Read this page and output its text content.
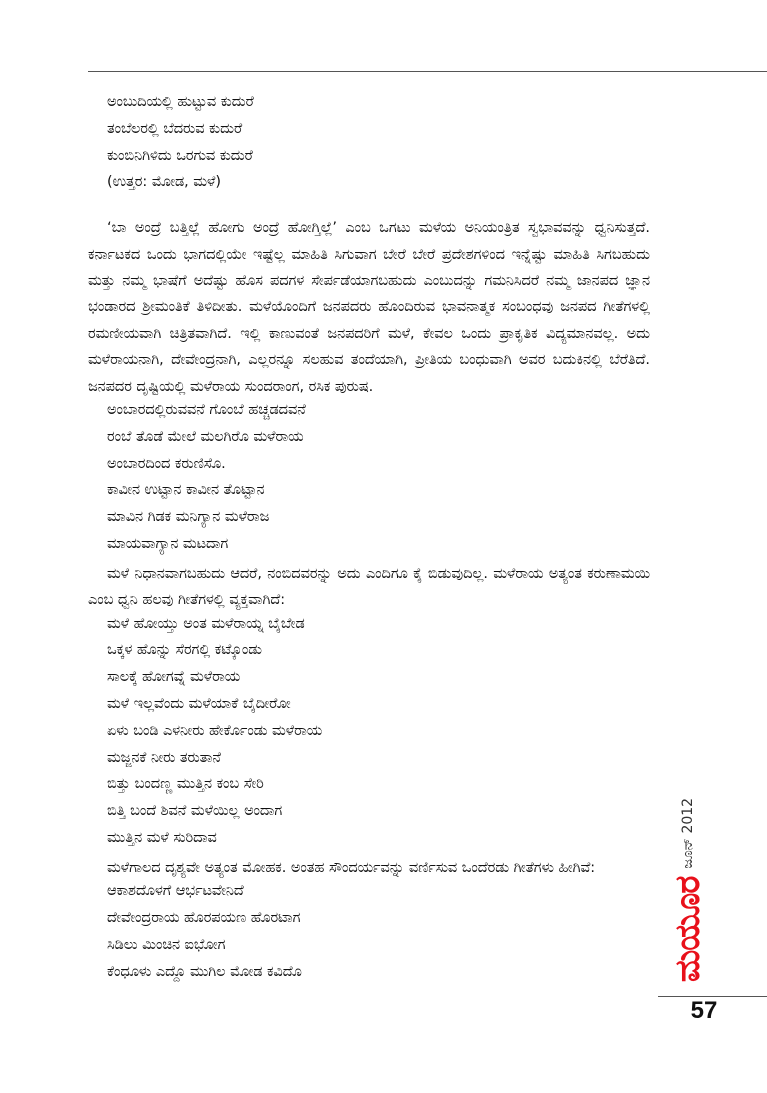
ಅಂಬುದಿಯಲ್ಲಿ ಹುಟ್ಟುವ ಕುದುರೆ
ತಂಬೆಲರಲ್ಲಿ ಬೆದರುವ ಕುದುರೆ
ಕುಂಬಿನಿಗಿಳಿದು ಒರಗುವ ಕುದುರೆ
(ಉತ್ತರ: ಮೋಡ, ಮಳೆ)

‘ಬಾ ಅಂದ್ರೆ ಬತ್ತಿಲ್ಲೆ ಹೋಗು ಅಂದ್ರೆ ಹೋಗ್ತಿಲ್ಲೆ’ ಎಂಬ ಒಗಟು ಮಳೆಯ ಅನಿಯಂತ್ರಿತ ಸ್ವಭಾವವನ್ನು ಧ್ವನಿಸುತ್ತದೆ. ಕರ್ನಾಟಕದ ಒಂದು ಭಾಗದಲ್ಲಿಯೇ ಇಷ್ಟೆಲ್ಲ ಮಾಹಿತಿ ಸಿಗುವಾಗ ಬೇರೆ ಬೇರೆ ಪ್ರದೇಶಗಳಿಂದ ಇನ್ನೆಷ್ಟು ಮಾಹಿತಿ ಸಿಗಬಹುದು ಮತ್ತು ನಮ್ಮ ಭಾಷೆಗೆ ಅದೆಷ್ಟು ಹೊಸ ಪದಗಳ ಸೇರ್ಪಡೆಯಾಗಬಹುದು ಎಂಬುದನ್ನು ಗಮನಿಸಿದರೆ ನಮ್ಮ ಜಾನಪದ ಜ್ಞಾನ ಭಂಡಾರದ ಶ್ರೀಮಂತಿಕೆ ತಿಳಿದೀತು. ಮಳೆಯೊಂದಿಗೆ ಜನಪದರು ಹೊಂದಿರುವ ಭಾವನಾತ್ಮಕ ಸಂಬಂಧವು ಜನಪದ ಗೀತೆಗಳಲ್ಲಿ ರಮಣೀಯವಾಗಿ ಚಿತ್ರಿತವಾಗಿದೆ. ಇಲ್ಲಿ ಕಾಣುವಂತೆ ಜನಪದರಿಗೆ ಮಳೆ, ಕೇವಲ ಒಂದು ಪ್ರಾಕೃತಿಕ ವಿದ್ಯಮಾನವಲ್ಲ. ಅದು ಮಳೆರಾಯನಾಗಿ, ದೇವೇಂದ್ರನಾಗಿ, ಎಲ್ಲರನ್ನೂ ಸಲಹುವ ತಂದೆಯಾಗಿ, ಪ್ರೀತಿಯ ಬಂಧುವಾಗಿ ಅವರ ಬದುಕಿನಲ್ಲಿ ಬೆರೆತಿದೆ. ಜನಪದರ ದೃಷ್ಟಿಯಲ್ಲಿ ಮಳೆರಾಯ ಸುಂದರಾಂಗ, ರಸಿಕ ಪುರುಷ.

ಅಂಬಾರದಲ್ಲಿರುವವನೆ ಗೊಂಬೆ ಹಚ್ಚಡದವನೆ
ರಂಬೆ ತೊಡೆ ಮೇಲೆ ಮಲಗಿರೊ ಮಳೆರಾಯ
ಅಂಬಾರದಿಂದ ಕರುಣಿಸೊ.
ಕಾವೀನ ಉಟ್ಟಾನ ಕಾವೀನ ತೊಟ್ಟಾನ
ಮಾವಿನ ಗಿಡಕ ಮನಿಗ್ಯಾನ ಮಳೆರಾಜ
ಮಾಯವಾಗ್ಯಾನ ಮಟದಾಗ

ಮಳೆ ನಿಧಾನವಾಗಬಹುದು ಆದರೆ, ನಂಬಿದವರನ್ನು ಅದು ಎಂದಿಗೂ ಕೈ ಬಿಡುವುದಿಲ್ಲ. ಮಳೆರಾಯ ಅತ್ಯಂತ ಕರುಣಾಮಯಿ ಎಂಬ ಧ್ವನಿ ಹಲವು ಗೀತೆಗಳಲ್ಲಿ ವ್ಯಕ್ತವಾಗಿದೆ:

ಮಳೆ ಹೋಯ್ತು ಅಂತ ಮಳೆರಾಯ್ನ ಬೈಬೇಡ
ಒಕ್ಕಳ ಹೊನ್ನು ಸೆರಗಲ್ಲಿ ಕಟ್ಕೊಂಡು
ಸಾಲಕ್ಕೆ ಹೋಗವ್ನೆ ಮಳೆರಾಯ
ಮಳೆ ಇಲ್ಲವೆಂದು ಮಳೆಯಾಕೆ ಬೈದೀರೋ
ಏಳು ಬಂಡಿ ಎಳನೀರು ಹೇರ್ಕೊಂಡು ಮಳೆರಾಯ
ಮಜ್ಜನಕೆ ನೀರು ತರುತಾನೆ
ಬಿತ್ತು ಬಂದಣ್ಣ ಮುತ್ತಿನ ಕಂಬ ಸೇರಿ
ಬಿತ್ತಿ ಬಂದೆ ಶಿವನೆ ಮಳೆಯಿಲ್ಲ ಅಂದಾಗ
ಮುತ್ತಿನ ಮಳೆ ಸುರಿದಾವ

ಮಳೆಗಾಲದ ದೃಶ್ಯವೇ ಅತ್ಯಂತ ಮೋಹಕ. ಅಂತಹ ಸೌಂದರ್ಯವನ್ನು ವರ್ಣಿಸುವ ಒಂದೆರಡು ಗೀತೆಗಳು ಹೀಗಿವೆ:

ಆಕಾಶದೊಳಗೆ ಆರ್ಭಟವೇನಿದೆ
ದೇವೇಂದ್ರರಾಯ ಹೊರಪಯಣ ಹೊರಟಾಗ
ಸಿಡಿಲು ಮಿಂಚಿನ ಐಭೋಗ
ಕೆಂಧೂಳು ಎದ್ದೊ ಮುಗಿಲ ಮೋಡ ಕವಿದೊ	ಮಯೂರ
ಜೂನ್ 2012
57
